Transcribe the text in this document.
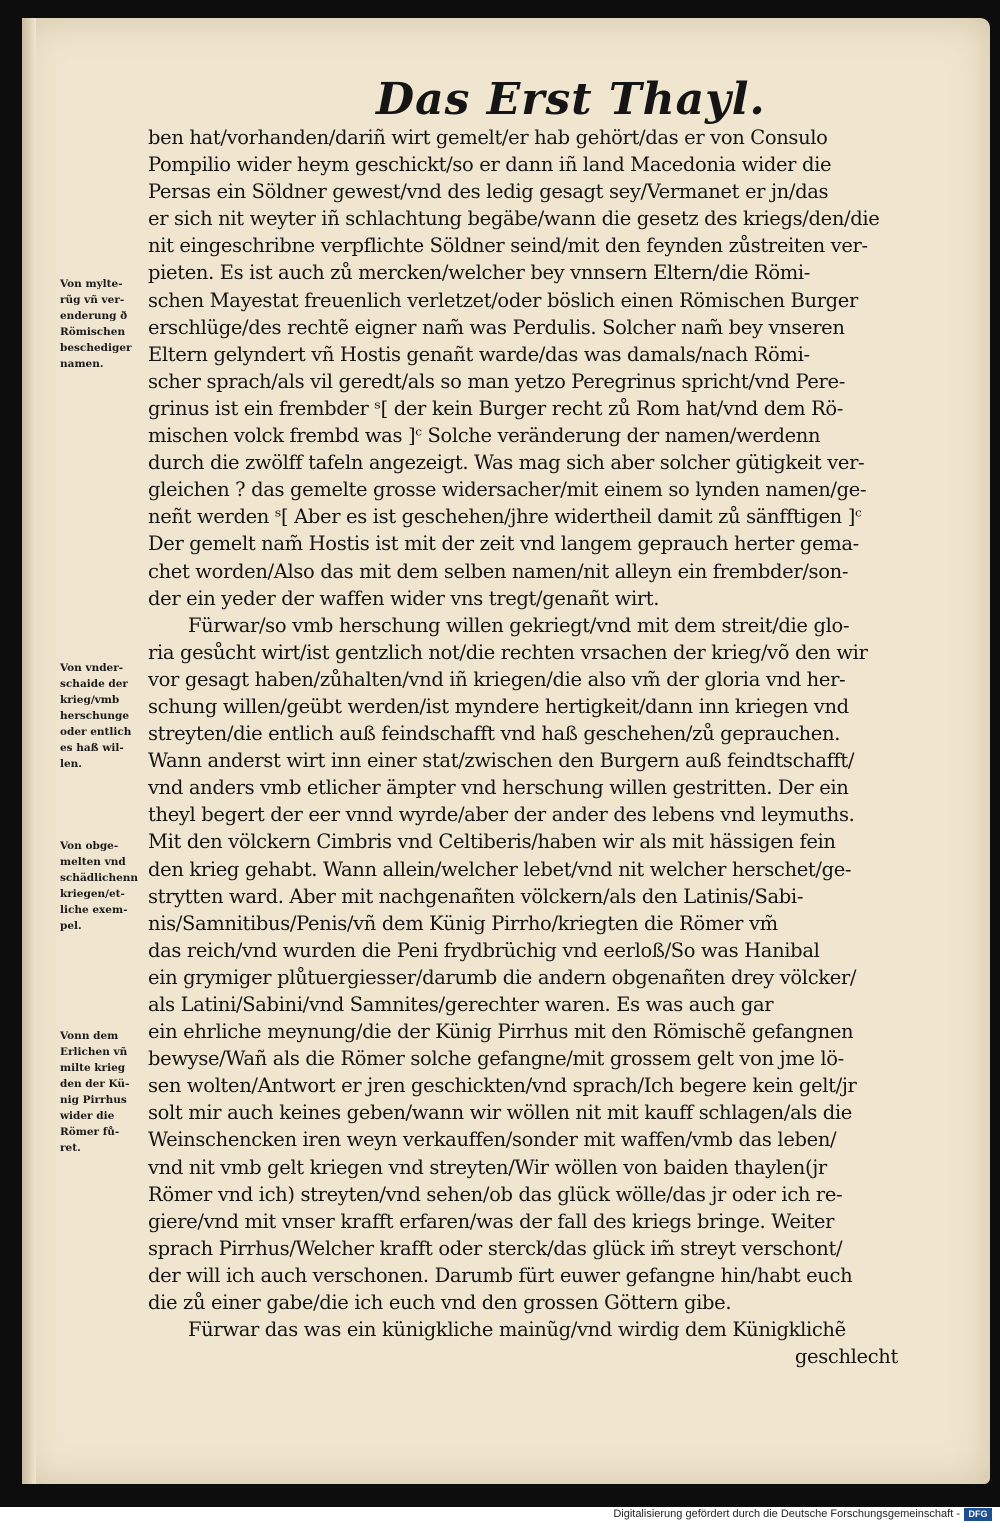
Das Erst Thayl.
ben hat/vorhanden/dariñ wirt gemelt/er hab gehört/das er von Consulo
Pompilio wider heym geschickt/so er dann iñ land Macedonia wider die
Persas ein Söldner gewest/vnd des ledig gesagt sey/Vermanet er jn/das
er sich nit weyter iñ schlachtung begäbe/wann die gesetz des kriegs/den/die
nit eingeschribne verpflichte Söldner seind/mit den feynden zůstreiten ver-
pieten. Es ist auch zů mercken/welcher bey vnnsern Eltern/die Römi-
schen Mayestat freuenlich verletzet/oder böslich einen Römischen Burger
erschlüge/des rechtẽ eigner nam̃ was Perdulis. Solcher nam̃ bey vnseren
Eltern gelyndert vñ Hostis genañt warde/das was damals/nach Römi-
scher sprach/als vil geredt/als so man yetzo Peregrinus spricht/vnd Pere-
grinus ist ein frembder ˢ[ der kein Burger recht zů Rom hat/vnd dem Rö-
mischen volck frembd was ]ᶜ Solche veränderung der namen/werdenn
durch die zwölff tafeln angezeigt. Was mag sich aber solcher gütigkeit ver-
gleichen ? das gemelte grosse widersacher/mit einem so lynden namen/ge-
neñt werden ˢ[ Aber es ist geschehen/jhre widertheil damit zů sänfftigen ]ᶜ
Der gemelt nam̃ Hostis ist mit der zeit vnd langem geprauch herter gema-
chet worden/Also das mit dem selben namen/nit alleyn ein frembder/son-
der ein yeder der waffen wider vns tregt/genañt wirt.
Fürwar/so vmb herschung willen gekriegt/vnd mit dem streit/die glo-
ria gesůcht wirt/ist gentzlich not/die rechten vrsachen der krieg/võ den wir
vor gesagt haben/zůhalten/vnd iñ kriegen/die also vm̃ der gloria vnd her-
schung willen/geübt werden/ist myndere hertigkeit/dann inn kriegen vnd
streyten/die entlich auß feindschafft vnd haß geschehen/zů geprauchen.
Wann anderst wirt inn einer stat/zwischen den Burgern auß feindtschafft/
vnd anders vmb etlicher ämpter vnd herschung willen gestritten. Der ein
theyl begert der eer vnnd wyrde/aber der ander des lebens vnd leymuths.
Mit den völckern Cimbris vnd Celtiberis/haben wir als mit hässigen fein
den krieg gehabt. Wann allein/welcher lebet/vnd nit welcher herschet/ge-
strytten ward. Aber mit nachgenañten völckern/als den Latinis/Sabi-
nis/Samnitibus/Penis/vñ dem Künig Pirrho/kriegten die Römer vm̃
das reich/vnd wurden die Peni frydbrüchig vnd eerloß/So was Hanibal
ein grymiger plůtuergiesser/darumb die andern obgenañten drey völcker/
als Latini/Sabini/vnd Samnites/gerechter waren. Es was auch gar
ein ehrliche meynung/die der Künig Pirrhus mit den Römischẽ gefangnen
bewyse/Wañ als die Römer solche gefangne/mit grossem gelt von jme lö-
sen wolten/Antwort er jren geschickten/vnd sprach/Ich begere kein gelt/jr
solt mir auch keines geben/wann wir wöllen nit mit kauff schlagen/als die
Weinschencken iren weyn verkauffen/sonder mit waffen/vmb das leben/
vnd nit vmb gelt kriegen vnd streyten/Wir wöllen von baiden thaylen(jr
Römer vnd ich) streyten/vnd sehen/ob das glück wölle/das jr oder ich re-
giere/vnd mit vnser krafft erfaren/was der fall des kriegs bringe. Weiter
sprach Pirrhus/Welcher krafft oder sterck/das glück im̃ streyt verschont/
der will ich auch verschonen. Darumb fürt euwer gefangne hin/habt euch
die zů einer gabe/die ich euch vnd den grossen Göttern gibe.
Fürwar das was ein künigkliche mainũg/vnd wirdig dem Künigklichẽ
geschlecht
Von mylte-
rũg vñ ver-
enderung ð
Römischen
beschediger
namen.
Von vnder-
schaide der
krieg/vmb
herschunge
oder entlich
es haß wil-
len.
Von obge-
melten vnd
schädlichenn
kriegen/et-
liche exem-
pel.
Vonn dem
Erlichen vñ
milte krieg
den der Kü-
nig Pirrhus
wider die
Römer fů-
ret.
Digitalisierung gefördert durch die Deutsche Forschungsgemeinschaft - DFG
